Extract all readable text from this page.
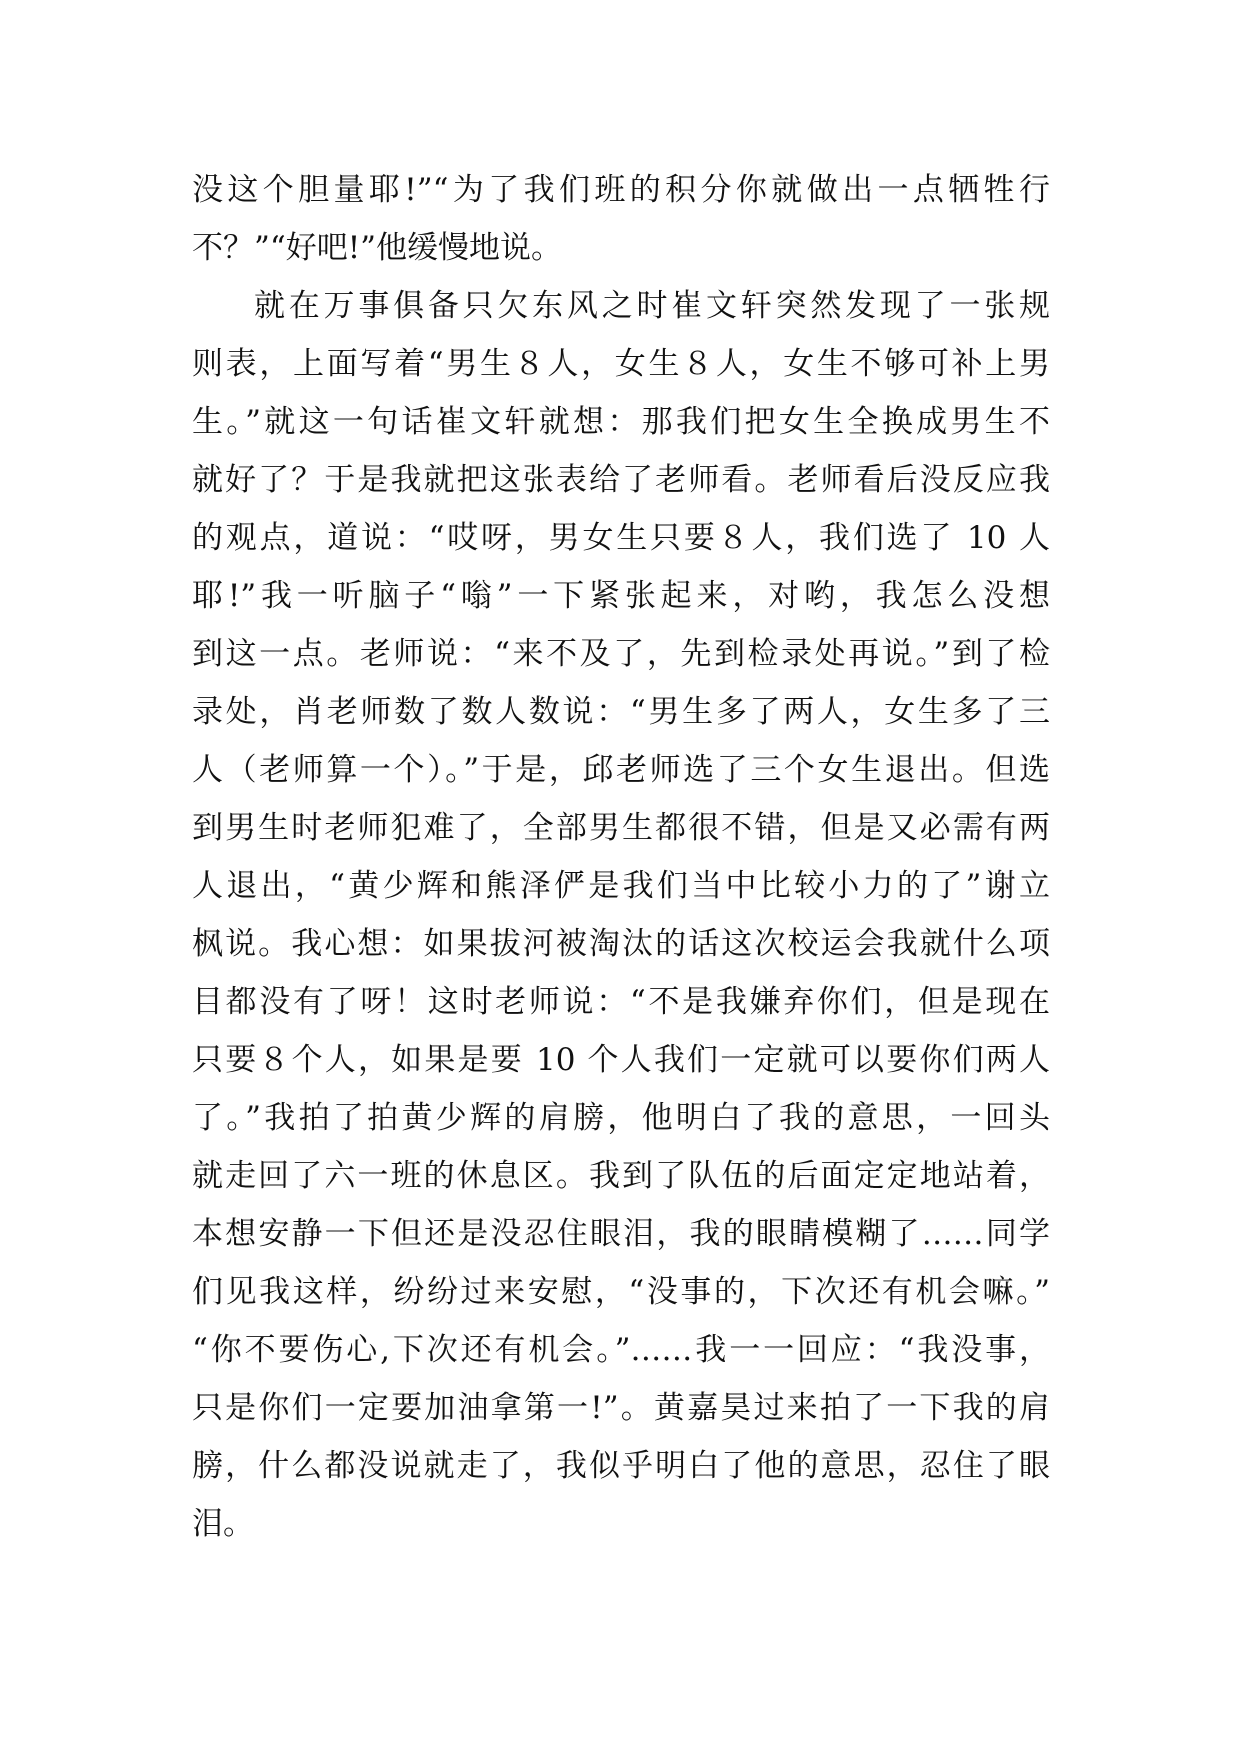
没这个胆量耶!”“为了我们班的积分你就做出一点牺牲行
不？”“好吧!”他缓慢地说。
就在万事俱备只欠东风之时崔文轩突然发现了一张规
则表，上面写着“男生８人，女生８人，女生不够可补上男
生。”就这一句话崔文轩就想：那我们把女生全换成男生不
就好了？于是我就把这张表给了老师看。老师看后没反应我
的观点，道说：“哎呀，男女生只要８人，我们选了 10 人
耶!”我一听脑子“嗡”一下紧张起来，对哟，我怎么没想
到这一点。老师说：“来不及了，先到检录处再说。”到了检
录处，肖老师数了数人数说：“男生多了两人，女生多了三
人（老师算一个）。”于是，邱老师选了三个女生退出。但选
到男生时老师犯难了，全部男生都很不错，但是又必需有两
人退出，“黄少辉和熊泽俨是我们当中比较小力的了”谢立
枫说。我心想：如果拔河被淘汰的话这次校运会我就什么项
目都没有了呀！这时老师说：“不是我嫌弃你们，但是现在
只要８个人，如果是要 10 个人我们一定就可以要你们两人
了。”我拍了拍黄少辉的肩膀，他明白了我的意思，一回头
就走回了六一班的休息区。我到了队伍的后面定定地站着，
本想安静一下但还是没忍住眼泪，我的眼睛模糊了……同学
们见我这样，纷纷过来安慰，“没事的，下次还有机会嘛。”
“你不要伤心,下次还有机会。”……我一一回应：“我没事，
只是你们一定要加油拿第一!”。黄嘉昊过来拍了一下我的肩
膀，什么都没说就走了，我似乎明白了他的意思，忍住了眼
泪。
